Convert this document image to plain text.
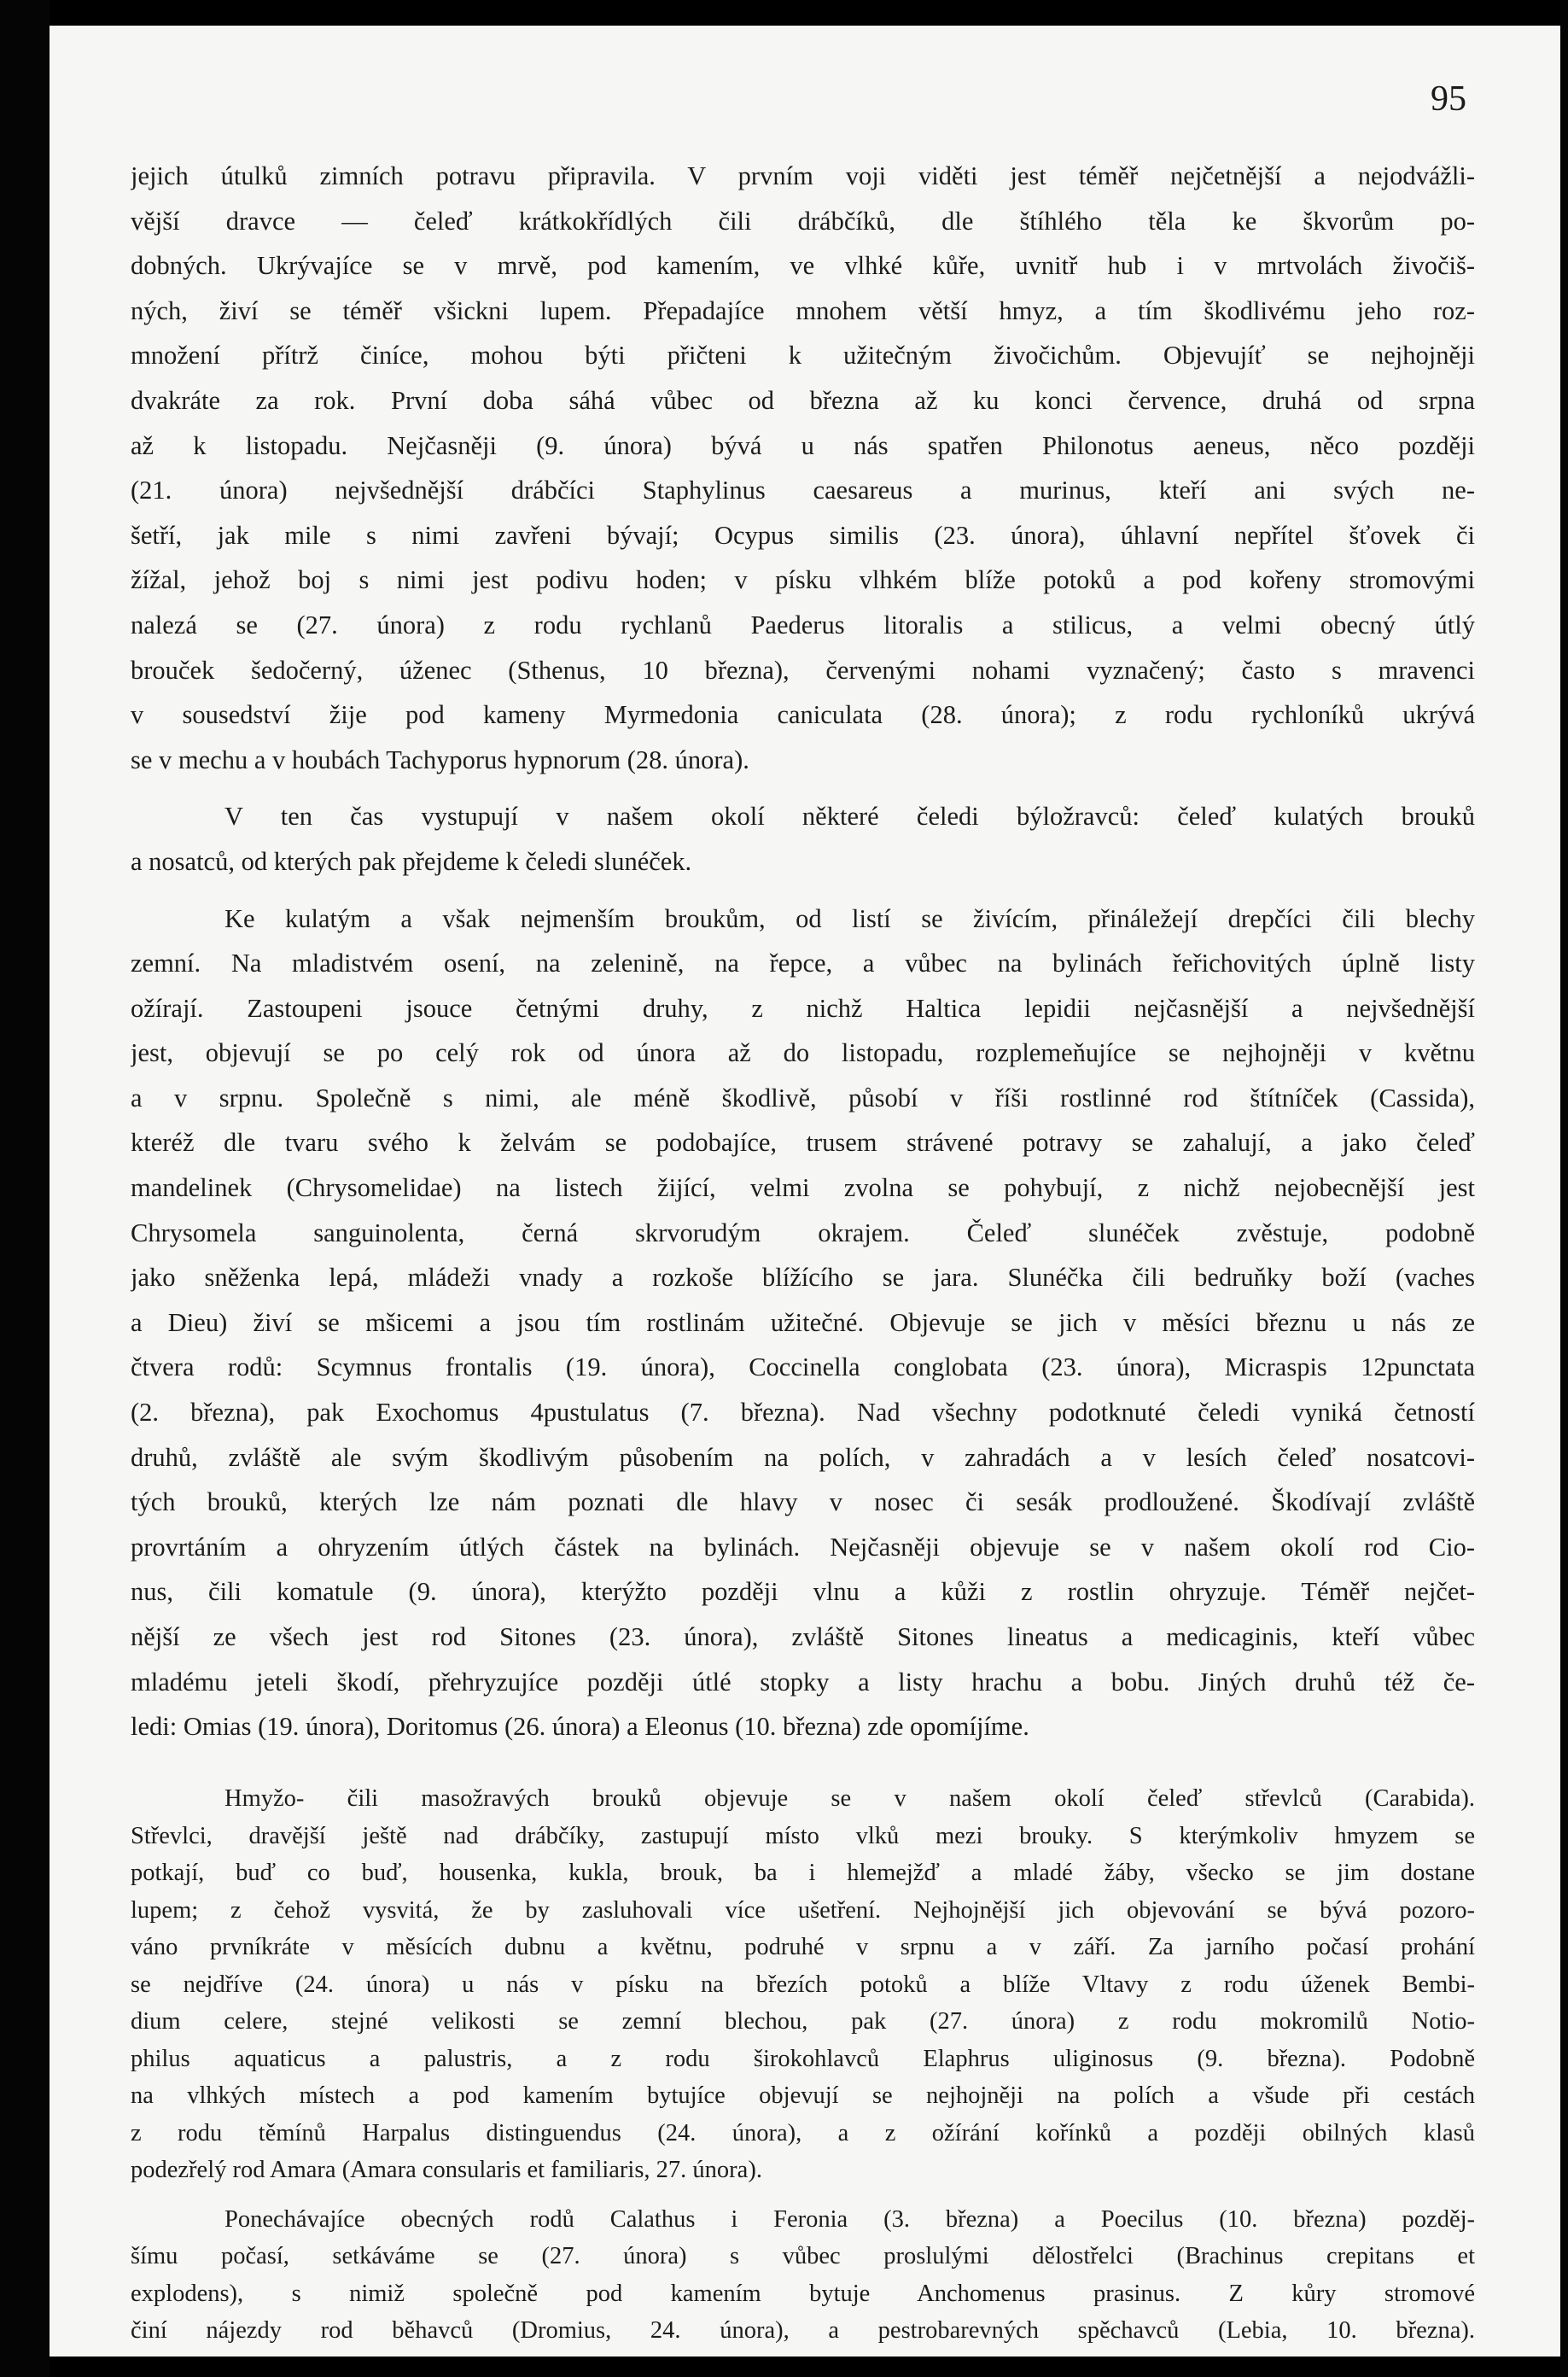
95
jejich útulků zimních potravu připravila. V prvním voji viděti jest téměř nejčetnější a nejodvážli-
vější dravce — čeleď krátkokřídlých čili drábčíků, dle štíhlého těla ke škvorům po-
dobných. Ukrývajíce se v mrvě, pod kamením, ve vlhké kůře, uvnitř hub i v mrtvolách živočiš-
ných, živí se téměř všickni lupem. Přepadajíce mnohem větší hmyz, a tím škodlivému jeho roz-
množení přítrž činíce, mohou býti přičteni k užitečným živočichům. Objevujíť se nejhojněji
dvakráte za rok. První doba sáhá vůbec od března až ku konci července, druhá od srpna
až k listopadu. Nejčasněji (9. února) bývá u nás spatřen Philonotus aeneus, něco později
(21. února) nejvšednější drábčíci Staphylinus caesareus a murinus, kteří ani svých ne-
šetří, jak mile s nimi zavřeni bývají; Ocypus similis (23. února), úhlavní nepřítel šťovek či
žížal, jehož boj s nimi jest podivu hoden; v písku vlhkém blíže potoků a pod kořeny stromovými
nalezá se (27. února) z rodu rychlanů Paederus litoralis a stilicus, a velmi obecný útlý
brouček šedočerný, úženec (Sthenus, 10 března), červenými nohami vyznačený; často s mravenci
v sousedství žije pod kameny Myrmedonia caniculata (28. února); z rodu rychloníků ukrývá
se v mechu a v houbách Tachyporus hypnorum (28. února).
V ten čas vystupují v našem okolí některé čeledi býložravců: čeleď kulatých brouků
a nosatců, od kterých pak přejdeme k čeledi slunéček.
Ke kulatým a však nejmenším broukům, od listí se živícím, přináležejí drepčíci čili blechy
zemní. Na mladistvém osení, na zelenině, na řepce, a vůbec na bylinách řeřichovitých úplně listy
ožírají. Zastoupeni jsouce četnými druhy, z nichž Haltica lepidii nejčasnější a nejvšednější
jest, objevují se po celý rok od února až do listopadu, rozplemeňujíce se nejhojněji v květnu
a v srpnu. Společně s nimi, ale méně škodlivě, působí v říši rostlinné rod štítníček (Cassida),
kteréž dle tvaru svého k želvám se podobajíce, trusem strávené potravy se zahalují, a jako čeleď
mandelinek (Chrysomelidae) na listech žijící, velmi zvolna se pohybují, z nichž nejobecnější jest
Chrysomela sanguinolenta, černá skrvorudým okrajem. Čeleď slunéček zvěstuje, podobně
jako sněženka lepá, mládeži vnady a rozkoše blížícího se jara. Slunéčka čili bedruňky boží (vaches
a Dieu) živí se mšicemi a jsou tím rostlinám užitečné. Objevuje se jich v měsíci březnu u nás ze
čtvera rodů: Scymnus frontalis (19. února), Coccinella conglobata (23. února), Micraspis 12punctata
(2. března), pak Exochomus 4pustulatus (7. března). Nad všechny podotknuté čeledi vyniká četností
druhů, zvláště ale svým škodlivým působením na polích, v zahradách a v lesích čeleď nosatcovi-
tých brouků, kterých lze nám poznati dle hlavy v nosec či sesák prodloužené. Škodívají zvláště
provrtáním a ohryzením útlých částek na bylinách. Nejčasněji objevuje se v našem okolí rod Cio-
nus, čili komatule (9. února), kterýžto později vlnu a kůži z rostlin ohryzuje. Téměř nejčet-
nější ze všech jest rod Sitones (23. února), zvláště Sitones lineatus a medicaginis, kteří vůbec
mladému jeteli škodí, přehryzujíce později útlé stopky a listy hrachu a bobu. Jiných druhů též če-
ledi: Omias (19. února), Doritomus (26. února) a Eleonus (10. března) zde opomíjíme.
Hmyžo- čili masožravých brouků objevuje se v našem okolí čeleď střevlců (Carabida).
Střevlci, dravější ještě nad drábčíky, zastupují místo vlků mezi brouky. S kterýmkoliv hmyzem se
potkají, buď co buď, housenka, kukla, brouk, ba i hlemejžď a mladé žáby, všecko se jim dostane
lupem; z čehož vysvitá, že by zasluhovali více ušetření. Nejhojnější jich objevování se bývá pozoro-
váno prvníkráte v měsících dubnu a květnu, podruhé v srpnu a v září. Za jarního počasí prohání
se nejdříve (24. února) u nás v písku na březích potoků a blíže Vltavy z rodu úženek Bembi-
dium celere, stejné velikosti se zemní blechou, pak (27. února) z rodu mokromilů Notio-
philus aquaticus a palustris, a z rodu širokohlavců Elaphrus uliginosus (9. března). Podobně
na vlhkých místech a pod kamením bytujíce objevují se nejhojněji na polích a všude při cestách
z rodu těmínů Harpalus distinguendus (24. února), a z ožírání kořínků a později obilných klasů
podezřelý rod Amara (Amara consularis et familiaris, 27. února).
Ponechávajíce obecných rodů Calathus i Feronia (3. března) a Poecilus (10. března) pozděj-
šímu počasí, setkáváme se (27. února) s vůbec proslulými dělostřelci (Brachinus crepitans et
explodens), s nimiž společně pod kamením bytuje Anchomenus prasinus. Z kůry stromové
činí nájezdy rod běhavců (Dromius, 24. února), a pestrobarevných spěchavců (Lebia, 10. března).
